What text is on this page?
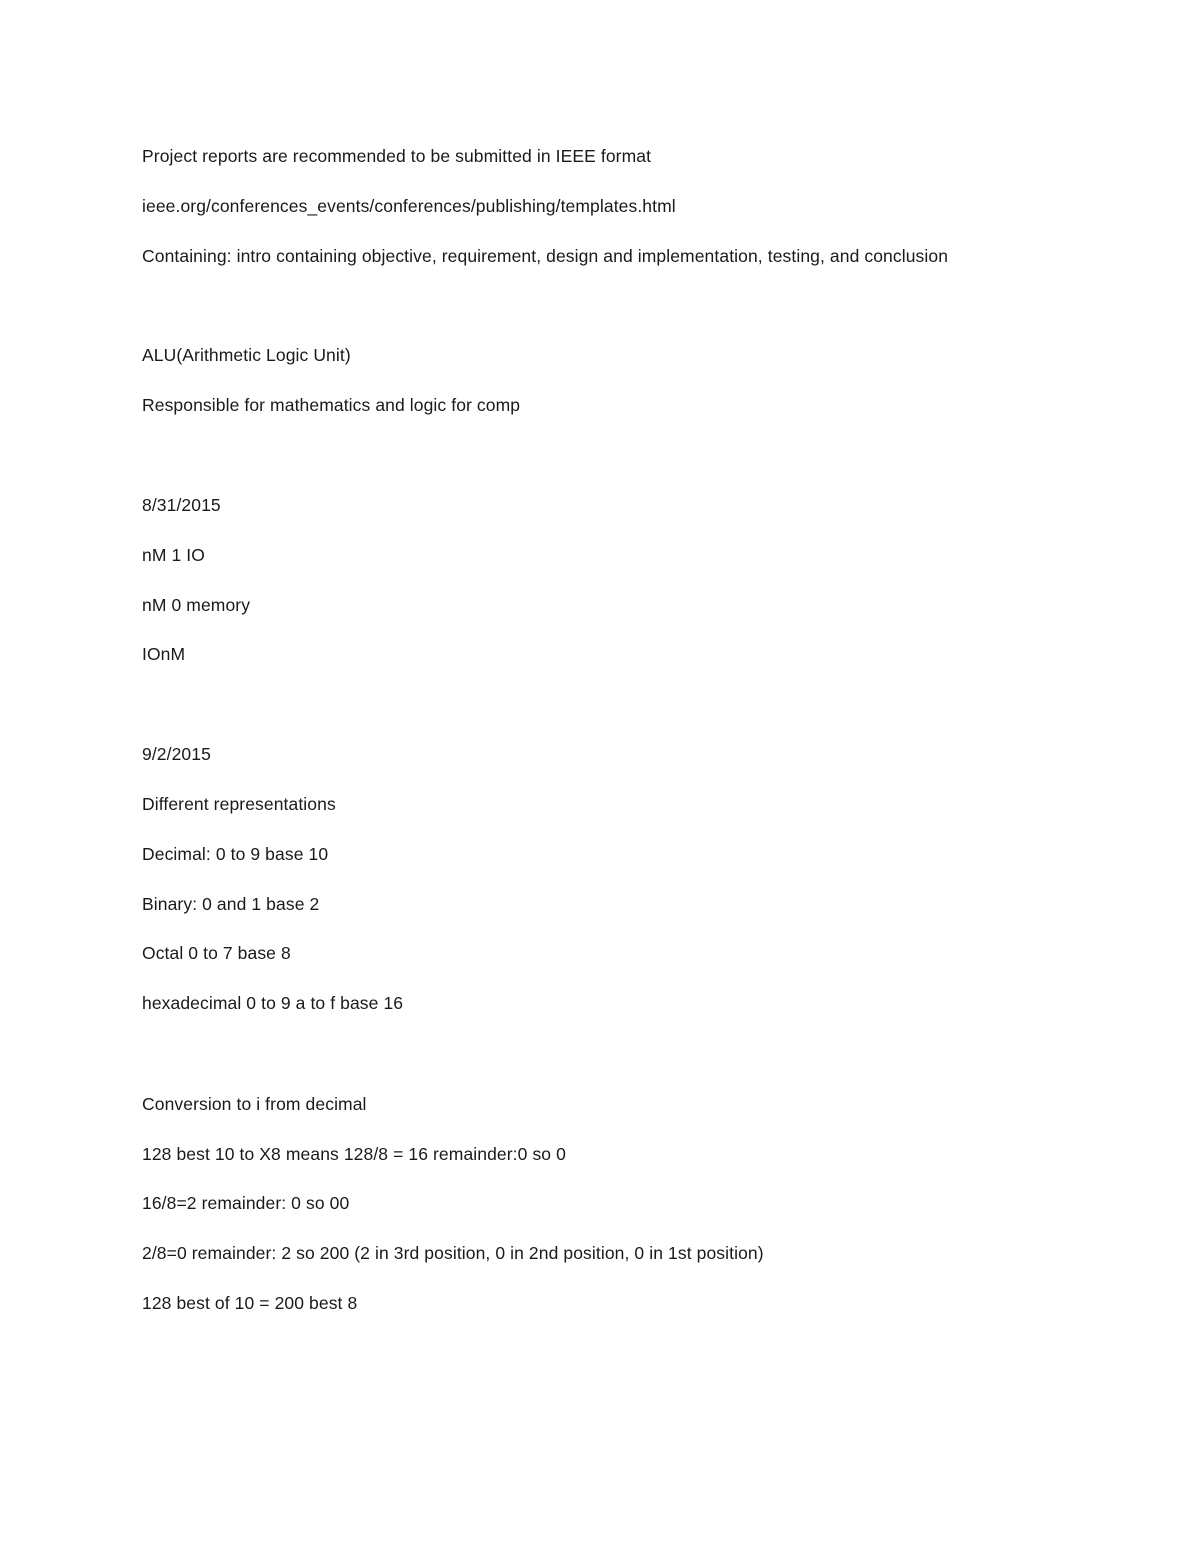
Project reports are recommended to be submitted in IEEE format
ieee.org/conferences_events/conferences/publishing/templates.html
Containing: intro containing objective, requirement, design and implementation, testing, and conclusion
ALU(Arithmetic Logic Unit)
Responsible for mathematics and logic for comp
8/31/2015
nM 1 IO
nM 0 memory
IOnM
9/2/2015
Different representations
Decimal: 0 to 9 base 10
Binary: 0 and 1 base 2
Octal 0 to 7 base 8
hexadecimal 0 to 9 a to f base 16
Conversion to i from decimal
128 best 10 to X8 means 128/8 = 16 remainder:0 so 0
16/8=2 remainder: 0 so 00
2/8=0 remainder: 2 so 200 (2 in 3rd position, 0 in 2nd position, 0 in 1st position)
128 best of 10 = 200 best 8
